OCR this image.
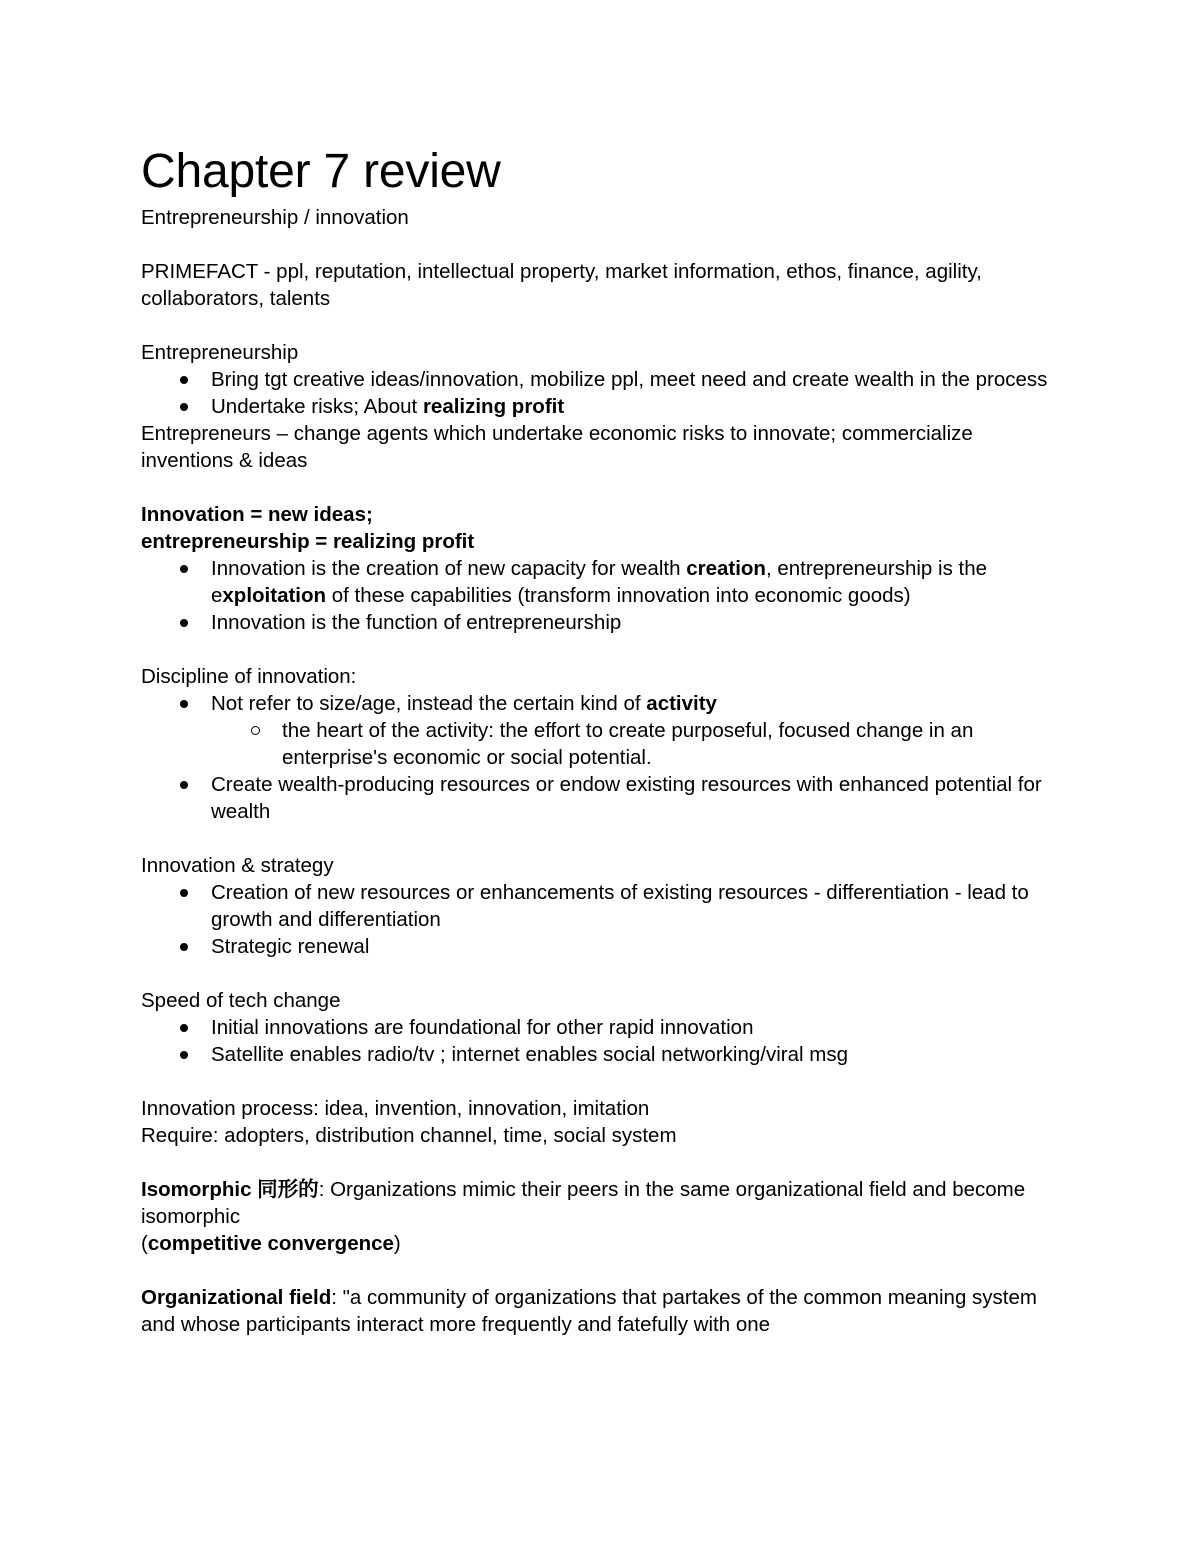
Chapter 7 review

Entrepreneurship / innovation

PRIMEFACT - ppl, reputation, intellectual property, market information, ethos, finance, agility, collaborators, talents

Entrepreneurship

Bring tgt creative ideas/innovation, mobilize ppl, meet need and create wealth in the process
Undertake risks; About realizing profit

Entrepreneurs – change agents which undertake economic risks to innovate; commercialize inventions & ideas

Innovation = new ideas;

entrepreneurship = realizing profit

Innovation is the creation of new capacity for wealth creation, entrepreneurship is the exploitation of these capabilities (transform innovation into economic goods)
Innovation is the function of entrepreneurship

Discipline of innovation:

Not refer to size/age, instead the certain kind of activity
the heart of the activity: the effort to create purposeful, focused change in an enterprise's economic or social potential.
Create wealth-producing resources or endow existing resources with enhanced potential for wealth

Innovation & strategy

Creation of new resources or enhancements of existing resources - differentiation - lead to growth and differentiation
Strategic renewal

Speed of tech change

Initial innovations are foundational for other rapid innovation
Satellite enables radio/tv ; internet enables social networking/viral msg

Innovation process: idea, invention, innovation, imitation

Require: adopters, distribution channel, time, social system

Isomorphic 同形的: Organizations mimic their peers in the same organizational field and become isomorphic

(competitive convergence)

Organizational field: "a community of organizations that partakes of the common meaning system and whose participants interact more frequently and fatefully with one
